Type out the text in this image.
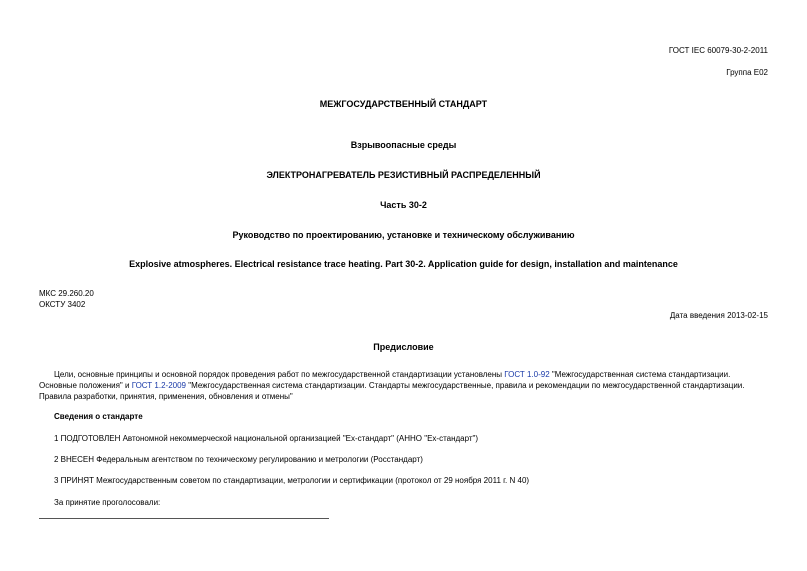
ГОСТ IEC 60079-30-2-2011
Группа Е02
МЕЖГОСУДАРСТВЕННЫЙ СТАНДАРТ
Взрывоопасные среды
ЭЛЕКТРОНАГРЕВАТЕЛЬ РЕЗИСТИВНЫЙ РАСПРЕДЕЛЕННЫЙ
Часть 30-2
Руководство по проектированию, установке и техническому обслуживанию
Explosive atmospheres. Electrical resistance trace heating. Part 30-2. Application guide for design, installation and maintenance
МКС 29.260.20
ОКСТУ 3402
Дата введения 2013-02-15
Предисловие
Цели, основные принципы и основной порядок проведения работ по межгосударственной стандартизации установлены ГОСТ 1.0-92 "Межгосударственная система стандартизации. Основные положения" и ГОСТ 1.2-2009 "Межгосударственная система стандартизации. Стандарты межгосударственные, правила и рекомендации по межгосударственной стандартизации. Правила разработки, принятия, применения, обновления и отмены"
Сведения о стандарте
1 ПОДГОТОВЛЕН Автономной некоммерческой национальной организацией "Ех-стандарт" (АННО "Ех-стандарт")
2 ВНЕСЕН Федеральным агентством по техническому регулированию и метрологии (Росстандарт)
3 ПРИНЯТ Межгосударственным советом по стандартизации, метрологии и сертификации (протокол от 29 ноября 2011 г. N 40)
За принятие проголосовали:
